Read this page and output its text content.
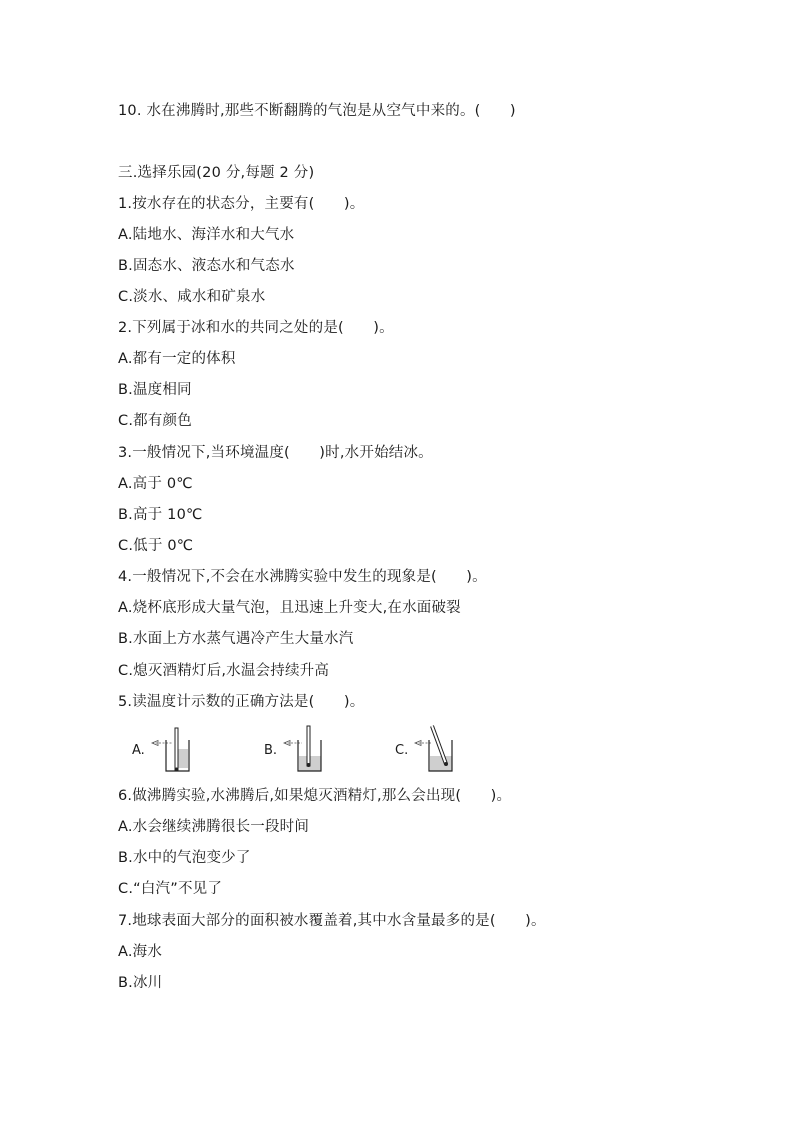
10. 水在沸腾时,那些不断翻腾的气泡是从空气中来的。(　　)
三.选择乐园(20 分,每题 2 分)
1.按水存在的状态分，主要有(　　)。
A.陆地水、海洋水和大气水
B.固态水、液态水和气态水
C.淡水、咸水和矿泉水
2.下列属于冰和水的共同之处的是(　　)。
A.都有一定的体积
B.温度相同
C.都有颜色
3.一般情况下,当环境温度(　　)时,水开始结冰。
A.高于 0℃
B.高于 10℃
C.低于 0℃
4.一般情况下,不会在水沸腾实验中发生的现象是(　　)。
A.烧杯底形成大量气泡，且迅速上升变大,在水面破裂
B.水面上方水蒸气遇冷产生大量水汽
C.熄灭酒精灯后,水温会持续升高
5.读温度计示数的正确方法是(　　)。
A.	B.	C.
6.做沸腾实验,水沸腾后,如果熄灭酒精灯,那么会出现(　　)。
A.水会继续沸腾很长一段时间
B.水中的气泡变少了
C.“白汽”不见了
7.地球表面大部分的面积被水覆盖着,其中水含量最多的是(　　)。
A.海水
B.冰川
